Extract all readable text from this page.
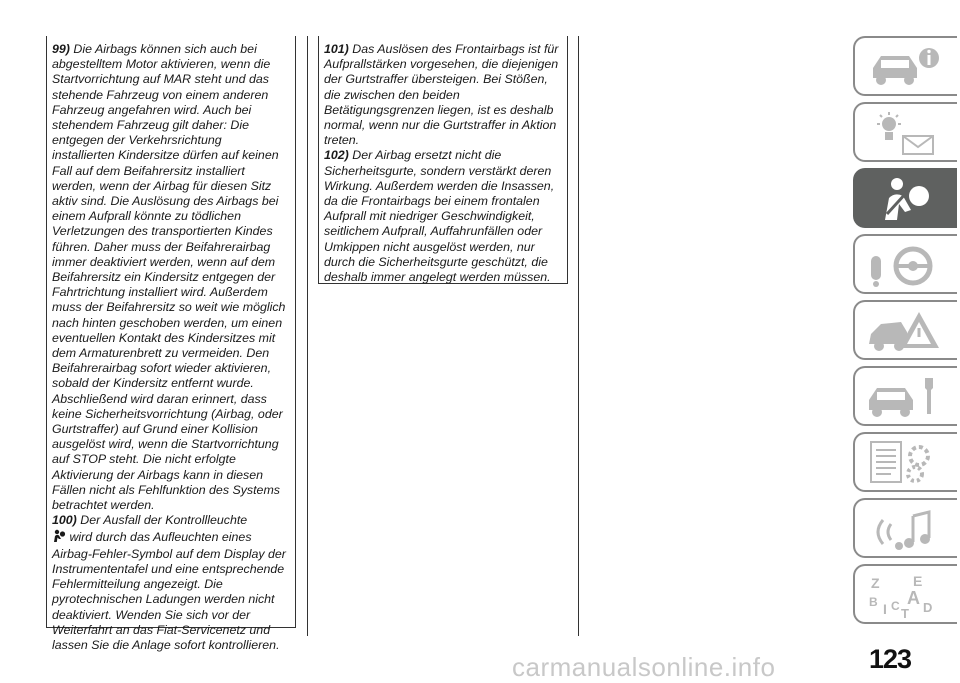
99) Die Airbags können sich auch bei abgestelltem Motor aktivieren, wenn die Startvorrichtung auf MAR steht und das stehende Fahrzeug von einem anderen Fahrzeug angefahren wird. Auch bei stehendem Fahrzeug gilt daher: Die entgegen der Verkehrsrichtung installierten Kindersitze dürfen auf keinen Fall auf dem Beifahrersitz installiert werden, wenn der Airbag für diesen Sitz aktiv sind. Die Auslösung des Airbags bei einem Aufprall könnte zu tödlichen Verletzungen des transportierten Kindes führen. Daher muss der Beifahrerairbag immer deaktiviert werden, wenn auf dem Beifahrersitz ein Kindersitz entgegen der Fahrtrichtung installiert wird. Außerdem muss der Beifahrersitz so weit wie möglich nach hinten geschoben werden, um einen eventuellen Kontakt des Kindersitzes mit dem Armaturenbrett zu vermeiden. Den Beifahrerairbag sofort wieder aktivieren, sobald der Kindersitz entfernt wurde. Abschließend wird daran erinnert, dass keine Sicherheitsvorrichtung (Airbag, oder Gurtstraffer) auf Grund einer Kollision ausgelöst wird, wenn die Startvorrichtung auf STOP steht. Die nicht erfolgte Aktivierung der Airbags kann in diesen Fällen nicht als Fehlfunktion des Systems betrachtet werden.

100) Der Ausfall der Kontrollleuchte
wird durch das Aufleuchten eines Airbag-Fehler-Symbol auf dem Display der Instrumententafel und eine entsprechende Fehlermitteilung angezeigt. Die pyrotechnischen Ladungen werden nicht deaktiviert. Wenden Sie sich vor der Weiterfahrt an das Fiat-Servicenetz und lassen Sie die Anlage sofort kontrollieren.

101) Das Auslösen des Frontairbags ist für Aufprallstärken vorgesehen, die diejenigen der Gurtstraffer übersteigen. Bei Stößen, die zwischen den beiden Betätigungsgrenzen liegen, ist es deshalb normal, wenn nur die Gurtstraffer in Aktion treten.

102) Der Airbag ersetzt nicht die Sicherheitsgurte, sondern verstärkt deren Wirkung. Außerdem werden die Insassen, da die Frontairbags bei einem frontalen Aufprall mit niedriger Geschwindigkeit, seitlichem Aufprall, Auffahrunfällen oder Umkippen nicht ausgelöst werden, nur durch die Sicherheitsgurte geschützt, die deshalb immer angelegt werden müssen.

Z E
B A
I C D
T
carmanualsonline.info	123
